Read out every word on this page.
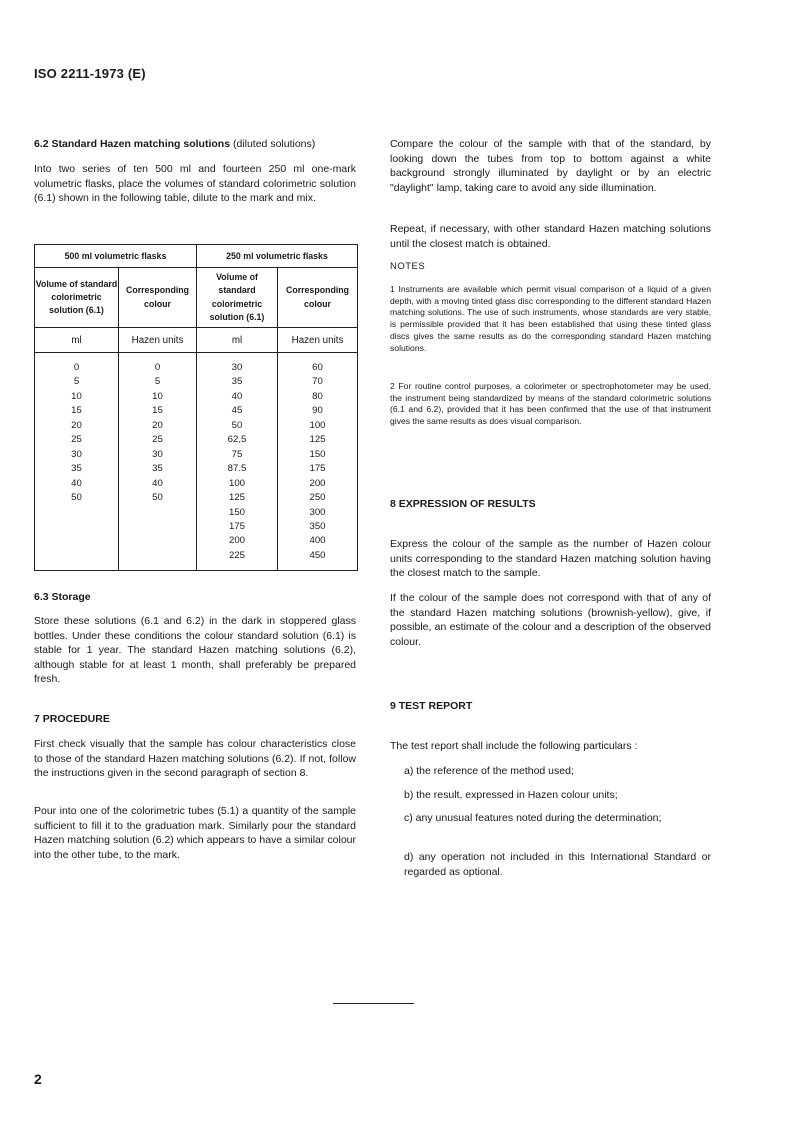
ISO 2211-1973 (E)
6.2 Standard Hazen matching solutions (diluted solutions)
Into two series of ten 500 ml and fourteen 250 ml one-mark volumetric flasks, place the volumes of standard colorimetric solution (6.1) shown in the following table, dilute to the mark and mix.
6.3 Storage
Store these solutions (6.1 and 6.2) in the dark in stoppered glass bottles. Under these conditions the colour standard solution (6.1) is stable for 1 year. The standard Hazen matching solutions (6.2), although stable for at least 1 month, shall preferably be prepared fresh.
7 PROCEDURE
First check visually that the sample has colour characteristics close to those of the standard Hazen matching solutions (6.2). If not, follow the instructions given in the second paragraph of section 8.
Pour into one of the colorimetric tubes (5.1) a quantity of the sample sufficient to fill it to the graduation mark. Similarly pour the standard Hazen matching solution (6.2) which appears to have a similar colour into the other tube, to the mark.
500 ml volumetric flasks		250 ml volumetric flasks	
Volume of standard colorimetric solution (6.1)	Corresponding colour	Volume of standard colorimetric solution (6.1)	Corresponding colour
ml	Hazen units	ml	Hazen units

0	0	30	60
5	5	35	70
10	10	40	80
15	15	45	90
20	20	50	100
25	25	62,5	125
30	30	75	150
35	35	87.5	175
40	40	100	200
50	50	125	250
		150	300
		175	350
		200	400
		225	450

Compare the colour of the sample with that of the standard, by looking down the tubes from top to bottom against a white background strongly illuminated by daylight or by an electric "daylight" lamp, taking care to avoid any side illumination.
Repeat, if necessary, with other standard Hazen matching solutions until the closest match is obtained.
NOTES
1 Instruments are available which permit visual comparison of a liquid of a given depth, with a moving tinted glass disc corresponding to the different standard Hazen matching solutions. The use of such instruments, whose standards are very stable, is permissible provided that it has been established that using these tinted glass discs gives the same results as do the corresponding standard Hazen matching solutions.
2 For routine control purposes, a colorimeter or spectrophotometer may be used, the instrument being standardized by means of the standard colorimetric solutions (6.1 and 6.2), provided that it has been confirmed that the use of that instrument gives the same results as does visual comparison.
8 EXPRESSION OF RESULTS
Express the colour of the sample as the number of Hazen colour units corresponding to the standard Hazen matching solution having the closest match to the sample.
If the colour of the sample does not correspond with that of any of the standard Hazen matching solutions (brownish-yellow), give, if possible, an estimate of the colour and a description of the observed colour.
9 TEST REPORT
The test report shall include the following particulars :
a) the reference of the method used;
b) the result, expressed in Hazen colour units;
c) any unusual features noted during the determination;
d) any operation not included in this International Standard or regarded as optional.
2
